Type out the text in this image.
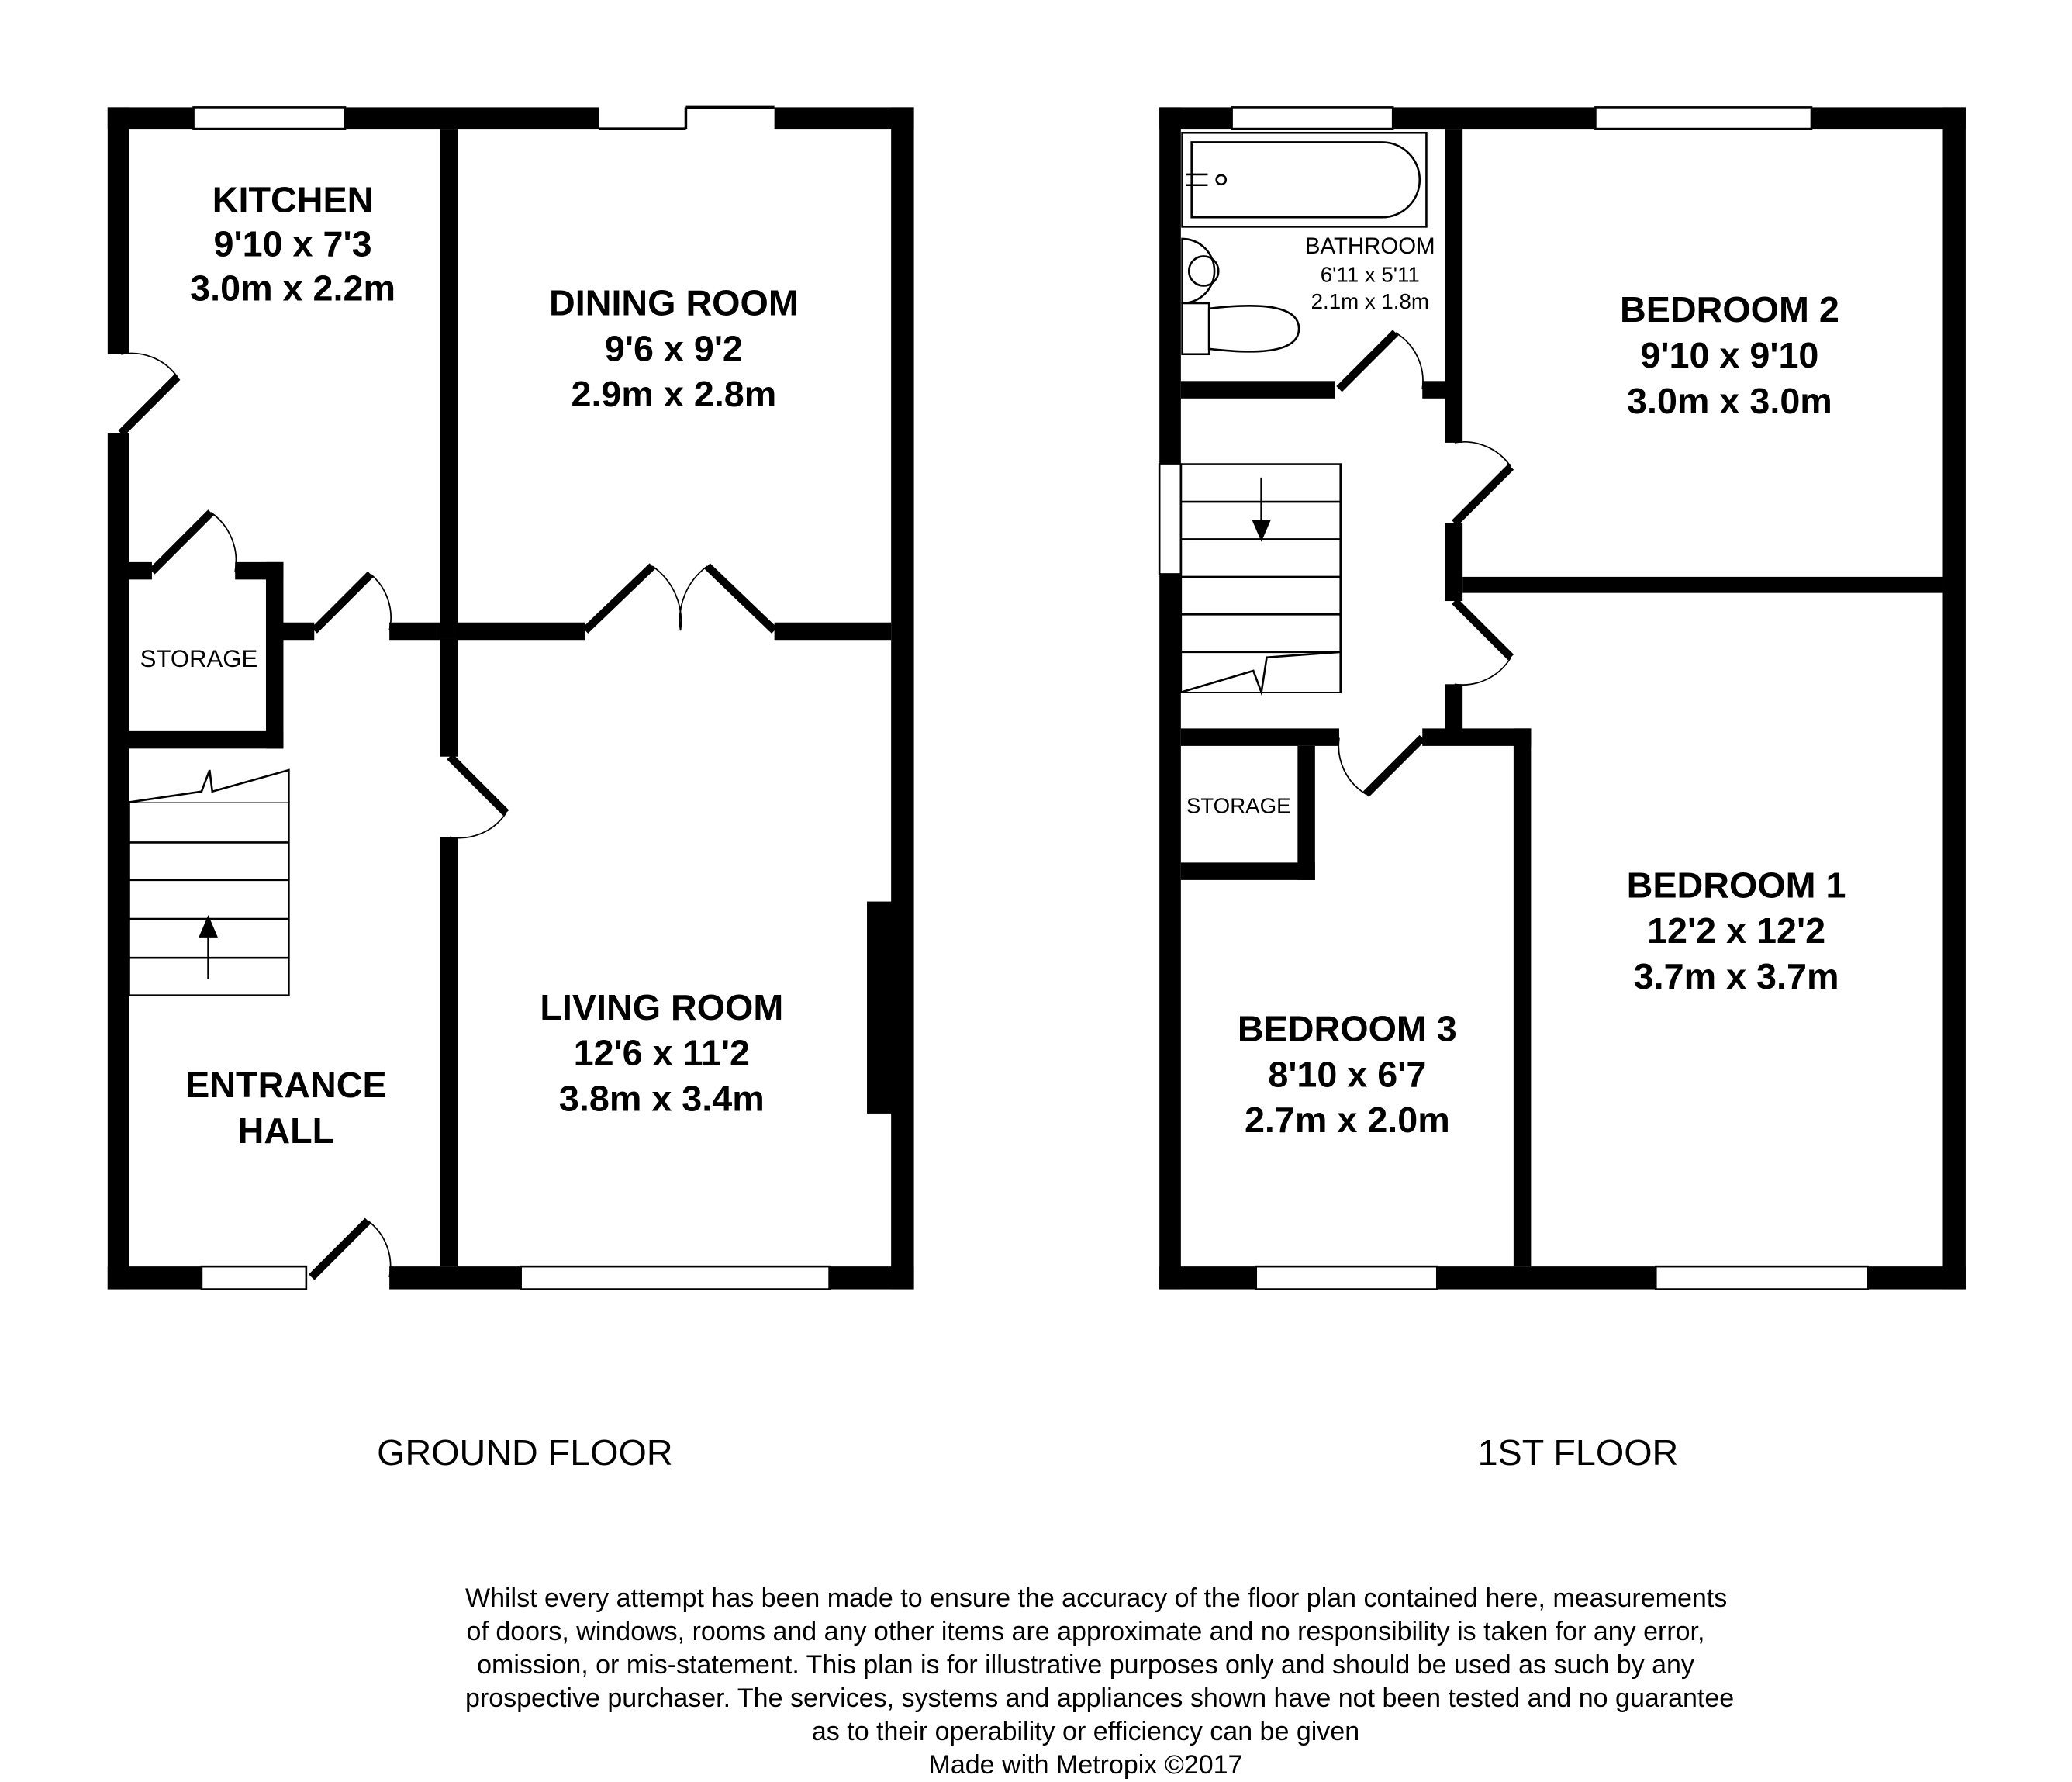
KITCHEN
9'10 x 7'3
3.0m x 2.2m	DINING ROOM
9'6 x 9'2
2.9m x 2.8m
LIVING ROOM
12'6 x 11'2
3.8m x 3.4m
ENTRANCE
HALL
STORAGE
GROUND FLOOR
BATHROOM
6'11 x 5'11
2.1m x 1.8m	BEDROOM 2
9'10 x 9'10
3.0m x 3.0m
BEDROOM 1
12'2 x 12'2
3.7m x 3.7m
BEDROOM 3
8'10 x 6'7
2.7m x 2.0m
STORAGE
1ST FLOOR
Whilst every attempt has been made to ensure the accuracy of the floor plan contained here, measurements
of doors, windows, rooms and any other items are approximate and no responsibility is taken for any error,
omission, or mis-statement. This plan is for illustrative purposes only and should be used as such by any
prospective purchaser. The services, systems and appliances shown have not been tested and no guarantee
as to their operability or efficiency can be given
Made with Metropix ©2017
